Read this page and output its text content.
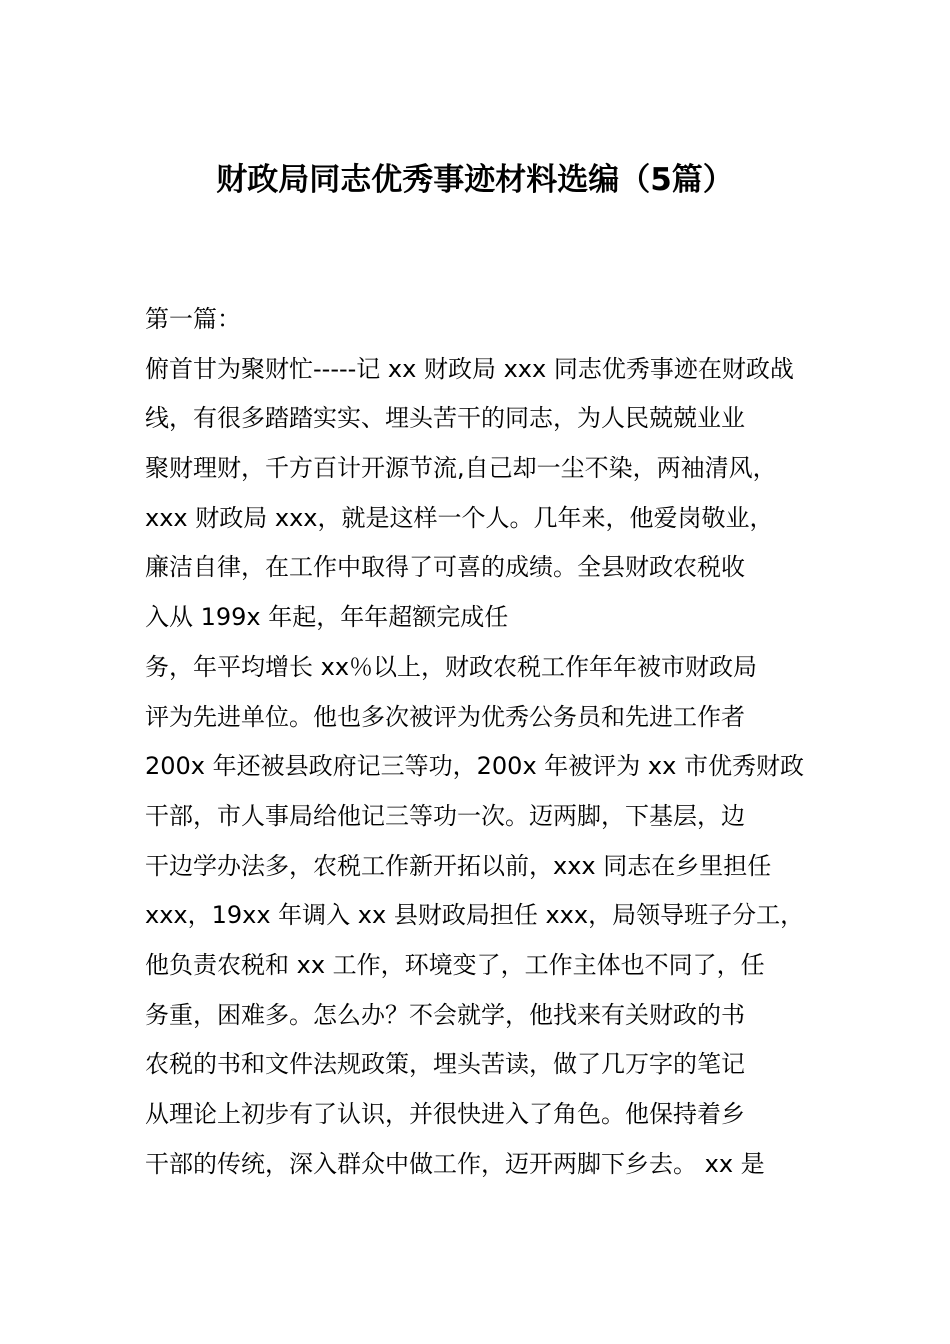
财政局同志优秀事迹材料选编（5篇）
第一篇：
俯首甘为聚财忙-----记 xx 财政局 xxx 同志优秀事迹在财政战
线，有很多踏踏实实、埋头苦干的同志，为人民兢兢业业
聚财理财，千方百计开源节流,自己却一尘不染，两袖清风，
xxx 财政局 xxx，就是这样一个人。几年来，他爱岗敬业，
廉洁自律，在工作中取得了可喜的成绩。全县财政农税收
入从 199x 年起，年年超额完成任
务，年平均增长 xx％以上，财政农税工作年年被市财政局
评为先进单位。他也多次被评为优秀公务员和先进工作者
200x 年还被县政府记三等功，200x 年被评为 xx 市优秀财政
干部，市人事局给他记三等功一次。迈两脚，下基层，边
干边学办法多，农税工作新开拓以前，xxx 同志在乡里担任
xxx，19xx 年调入 xx 县财政局担任 xxx，局领导班子分工，
他负责农税和 xx 工作，环境变了，工作主体也不同了，任
务重，困难多。怎么办？不会就学，他找来有关财政的书
农税的书和文件法规政策，埋头苦读，做了几万字的笔记
从理论上初步有了认识，并很快进入了角色。他保持着乡
干部的传统，深入群众中做工作，迈开两脚下乡去。 xx 是
